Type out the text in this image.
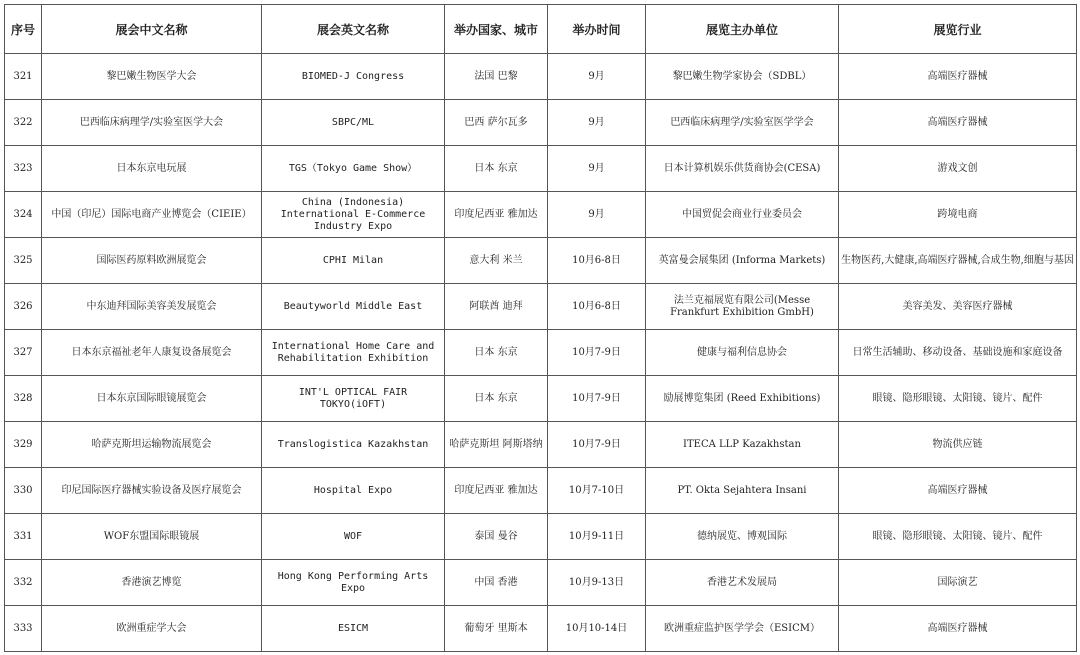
序号	展会中文名称	展会英文名称	举办国家、城市	举办时间	展览主办单位	展览行业
321	黎巴嫩生物医学大会	BIOMED-J Congress	法国 巴黎	9月	黎巴嫩生物学家协会（SDBL）	高端医疗器械
322	巴西临床病理学/实验室医学大会	SBPC/ML	巴西 萨尔瓦多	9月	巴西临床病理学/实验室医学学会	高端医疗器械
323	日本东京电玩展	TGS（Tokyo Game Show）	日本 东京	9月	日本计算机娱乐供货商协会(CESA)	游戏文创
324	中国（印尼）国际电商产业博览会（CIEIE）	China (Indonesia) International E-Commerce Industry Expo	印度尼西亚 雅加达	9月	中国贸促会商业行业委员会	跨境电商
325	国际医药原料欧洲展览会	CPHI Milan	意大利 米兰	10月6-8日	英富曼会展集团 (Informa Markets)	生物医药,大健康,高端医疗器械,合成生物,细胞与基因
326	中东迪拜国际美容美发展览会	Beautyworld Middle East	阿联酋 迪拜	10月6-8日	法兰克福展览有限公司(Messe Frankfurt Exhibition GmbH)	美容美发、美容医疗器械
327	日本东京福祉老年人康复设备展览会	International Home Care and Rehabilitation Exhibition	日本 东京	10月7-9日	健康与福利信息协会	日常生活辅助、移动设备、基础设施和家庭设备
328	日本东京国际眼镜展览会	INT'L OPTICAL FAIR TOKYO(iOFT)	日本 东京	10月7-9日	励展博览集团 (Reed Exhibitions)	眼镜、隐形眼镜、太阳镜、镜片、配件
329	哈萨克斯坦运输物流展览会	Translogistica Kazakhstan	哈萨克斯坦 阿斯塔纳	10月7-9日	ITECA LLP Kazakhstan	物流供应链
330	印尼国际医疗器械实验设备及医疗展览会	Hospital Expo	印度尼西亚 雅加达	10月7-10日	PT. Okta Sejahtera Insani	高端医疗器械
331	WOF东盟国际眼镜展	WOF	泰国 曼谷	10月9-11日	德纳展览、博观国际	眼镜、隐形眼镜、太阳镜、镜片、配件
332	香港演艺博览	Hong Kong Performing Arts Expo	中国 香港	10月9-13日	香港艺术发展局	国际演艺
333	欧洲重症学大会	ESICM	葡萄牙 里斯本	10月10-14日	欧洲重症监护医学学会（ESICM）	高端医疗器械
